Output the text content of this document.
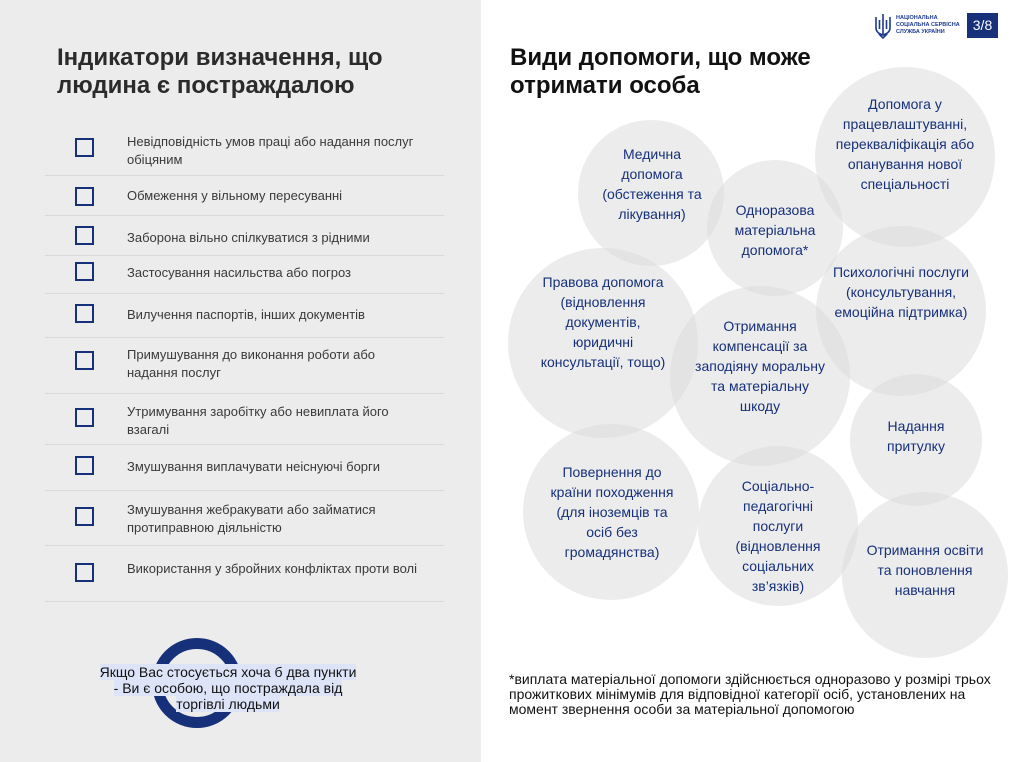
Індикатори визначення, що людина є постраждалою
Невідповідність умов праці або надання послуг обіцяним
Обмеження у вільному пересуванні
Заборона вільно спілкуватися з рідними
Застосування насильства або погроз
Вилучення паспортів, інших документів
Примушування до виконання роботи або надання послуг
Утримування заробітку або невиплата його взагалі
Змушування виплачувати неіснуючі борги
Змушування жебракувати або займатися протиправною діяльністю
Використання у збройних конфліктах проти волі
Якщо Вас стосується хоча б два пункти - Ви є особою, що постраждала від торгівлі людьми
НАЦІОНАЛЬНА СОЦІАЛЬНА СЕРВІСНА СЛУЖБА УКРАЇНИ	3/8
Види допомоги, що може отримати особа
Медична допомога (обстеження та лікування)	Одноразова матеріальна допомога*
Допомога у працевлаштуванні, перекваліфікація або опанування нової спеціальності
Правова допомога (відновлення документів, юридичні консультації, тощо)
Отримання компенсації за заподіяну моральну та матеріальну шкоду
Психологічні послуги (консультування, емоційна підтримка)
Надання притулку
Повернення до країни походження (для іноземців та осіб без громадянства)
Соціально-педагогічні послуги (відновлення соціальних зв’язків)
Отримання освіти та поновлення навчання
*виплата матеріальної допомоги здійснюється одноразово у розмірі трьох прожиткових мінімумів для відповідної категорії осіб, установлених на момент звернення особи за матеріальної допомогою
